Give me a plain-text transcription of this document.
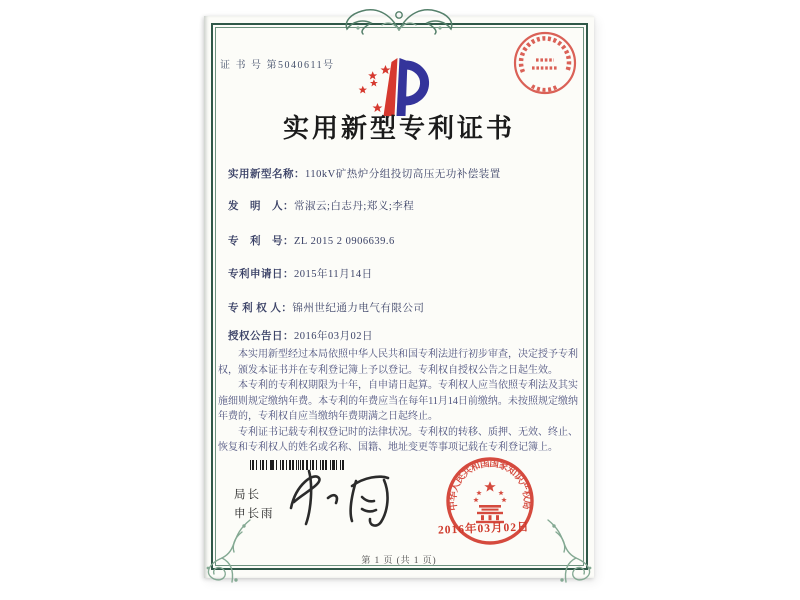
证 书 号 第5040611号
实用新型专利证书
实用新型名称：110kV矿热炉分组投切高压无功补偿装置
发　明　人：常淑云;白志丹;郑义;李程
专　利　号：ZL 2015 2 0906639.6
专利申请日：2015年11月14日
专 利 权 人：锦州世纪通力电气有限公司
授权公告日：2016年03月02日

本实用新型经过本局依照中华人民共和国专利法进行初步审查，决定授予专利权，颁发本证书并在专利登记簿上予以登记。专利权自授权公告之日起生效。

本专利的专利权期限为十年，自申请日起算。专利权人应当依照专利法及其实施细则规定缴纳年费。本专利的年费应当在每年11月14日前缴纳。未按照规定缴纳年费的，专利权自应当缴纳年费期满之日起终止。

专利证书记载专利权登记时的法律状况。专利权的转移、质押、无效、终止、恢复和专利权人的姓名或名称、国籍、地址变更等事项记载在专利登记簿上。

局长
申长雨
中华人民共和国国家知识产权局
2016年03月02日
第 1 页 (共 1 页)
